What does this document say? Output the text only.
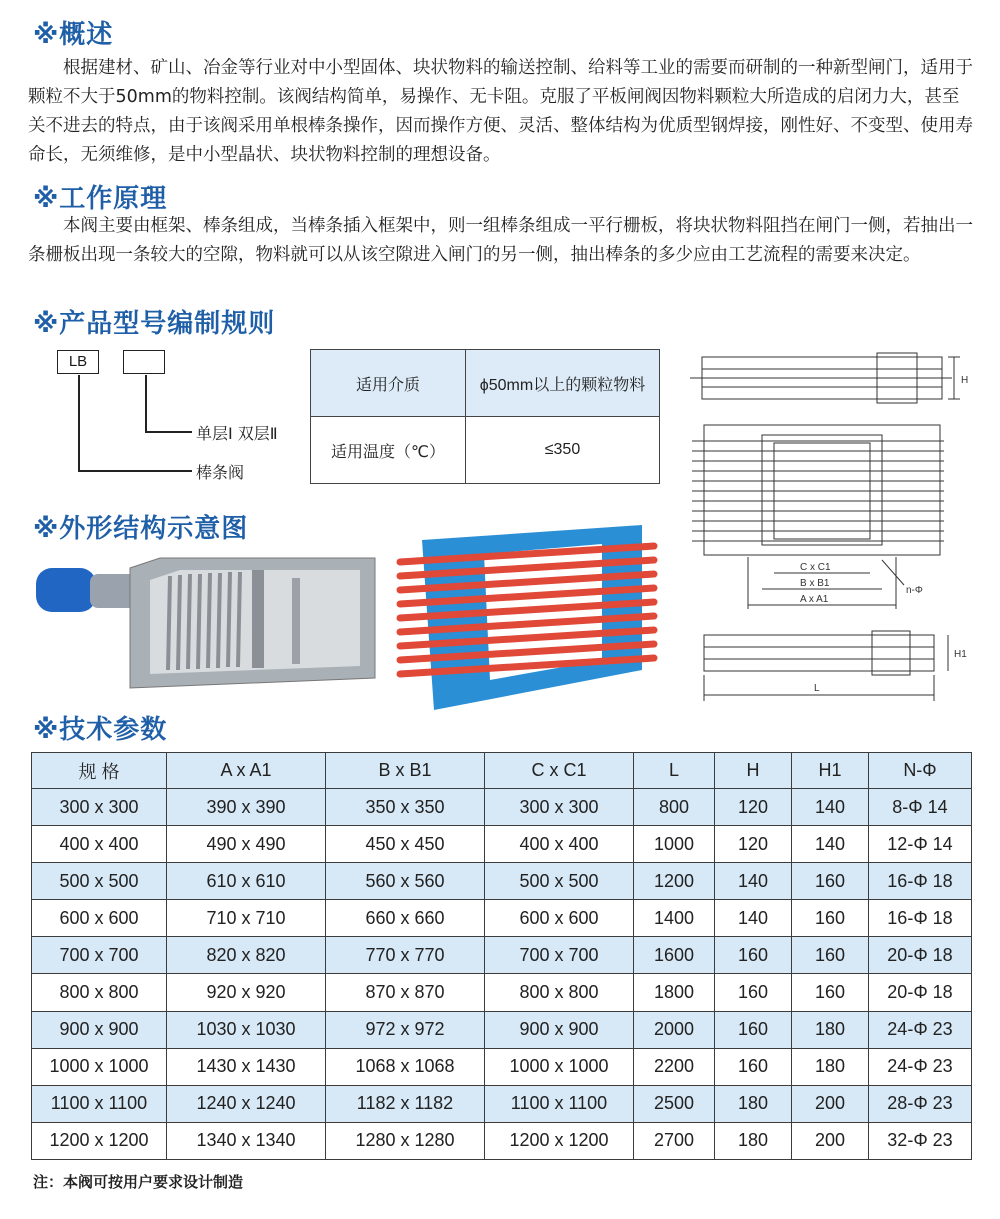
※概述

根据建材、矿山、冶金等行业对中小型固体、块状物料的输送控制、给料等工业的需要而研制的一种新型闸门，适用于颗粒不大于50mm的物料控制。该阀结构简单，易操作、无卡阻。克服了平板闸阀因物料颗粒大所造成的启闭力大，甚至关不进去的特点，由于该阀采用单根棒条操作，因而操作方便、灵活、整体结构为优质型钢焊接，刚性好、不变型、使用寿命长，无须维修，是中小型晶状、块状物料控制的理想设备。

※工作原理

本阀主要由框架、棒条组成，当棒条插入框架中，则一组棒条组成一平行栅板，将块状物料阻挡在闸门一侧，若抽出一条栅板出现一条较大的空隙，物料就可以从该空隙进入闸门的另一侧，抽出棒条的多少应由工艺流程的需要来决定。

※产品型号编制规则
LB
单层Ⅰ 双层Ⅱ
棒条阀
适用介质	ϕ50mm以上的颗粒物料
适用温度（℃）	≤350
H
C x C1
B x B1
A x A1
n-Φ
H1
L
※外形结构示意图
※技术参数
规 格	A x A1	B x B1	C x C1	L	H	H1	N-Φ
300 x 300	390 x 390	350 x 350	300 x 300	800	120	140	8-Φ 14
400 x 400	490 x 490	450 x 450	400 x 400	1000	120	140	12-Φ 14
500 x 500	610 x 610	560 x 560	500 x 500	1200	140	160	16-Φ 18
600 x 600	710 x 710	660 x 660	600 x 600	1400	140	160	16-Φ 18
700 x 700	820 x 820	770 x 770	700 x 700	1600	160	160	20-Φ 18
800 x 800	920 x 920	870 x 870	800 x 800	1800	160	160	20-Φ 18
900 x 900	1030 x 1030	972 x 972	900 x 900	2000	160	180	24-Φ 23
1000 x 1000	1430 x 1430	1068 x 1068	1000 x 1000	2200	160	180	24-Φ 23
1100 x 1100	1240 x 1240	1182 x 1182	1100 x 1100	2500	180	200	28-Φ 23
1200 x 1200	1340 x 1340	1280 x 1280	1200 x 1200	2700	180	200	32-Φ 23

注：本阀可按用户要求设计制造
